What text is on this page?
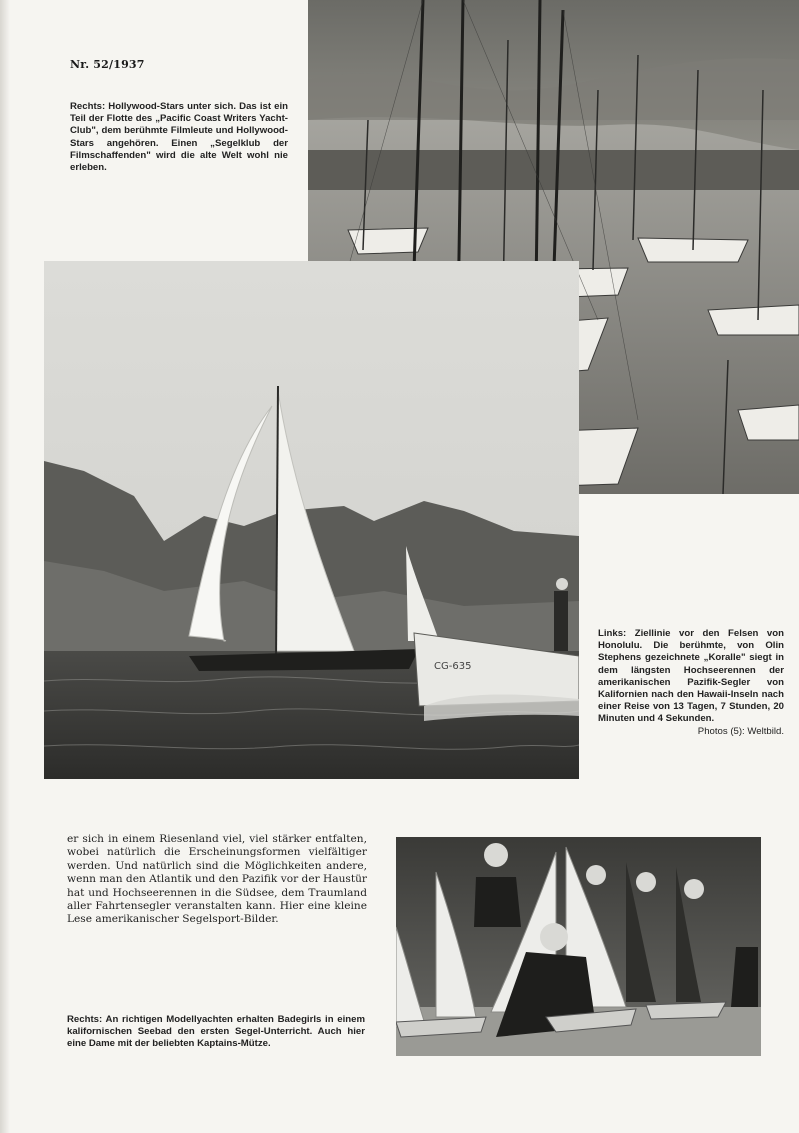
Nr. 52/1937
Rechts: Hollywood-Stars unter sich. Das ist ein Teil der Flotte des „Pacific Coast Writers Yacht-Club", dem berühmte Filmleute und Hollywood-Stars angehören. Einen „Segelklub der Filmschaffenden" wird die alte Welt wohl nie erleben.
CG-635
Links: Ziellinie vor den Felsen von Honolulu. Die berühmte, von Olin Stephens gezeichnete „Koralle" siegt in dem längsten Hochseerennen der amerikanischen Pazifik-Segler von Kalifornien nach den Hawaii-Inseln nach einer Reise von 13 Tagen, 7 Stunden, 20 Minuten und 4 Sekunden.
Photos (5): Weltbild.
er sich in einem Riesenland viel, viel stärker entfalten, wobei natürlich die Erscheinungsformen vielfältiger werden. Und natürlich sind die Möglichkeiten andere, wenn man den Atlantik und den Pazifik vor der Haustür hat und Hochseerennen in die Südsee, dem Traumland aller Fahrtensegler veranstalten kann. Hier eine kleine Lese amerikanischer Segelsport-Bilder.
Rechts: An richtigen Modellyachten erhalten Badegirls in einem kalifornischen Seebad den ersten Segel-Unterricht. Auch hier eine Dame mit der beliebten Kaptains-Mütze.
